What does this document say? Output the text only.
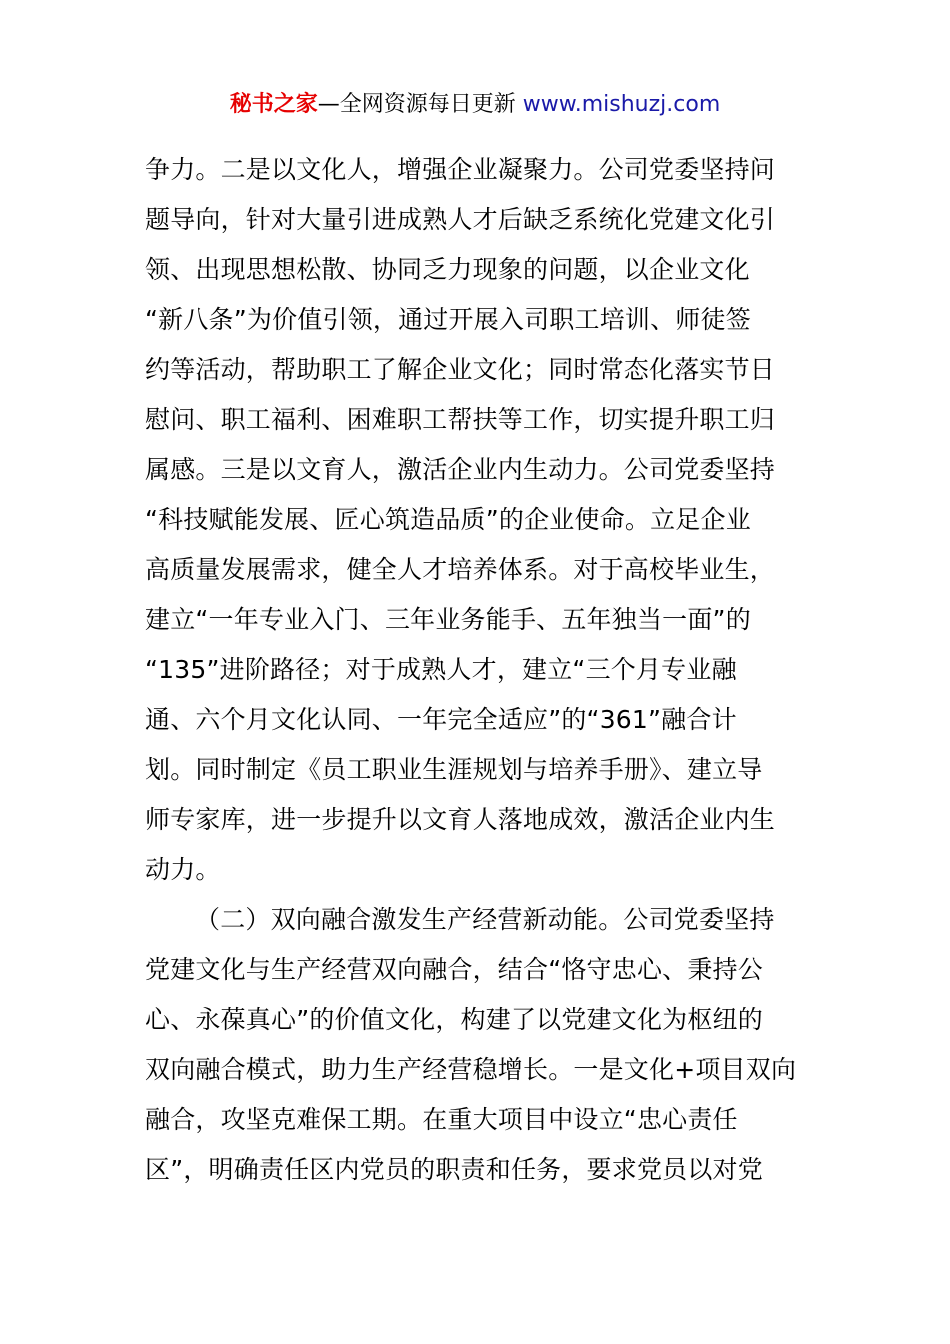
秘书之家—全网资源每日更新 www.mishuzj.com
争力。二是以文化人，增强企业凝聚力。公司党委坚持问
题导向，针对大量引进成熟人才后缺乏系统化党建文化引
领、出现思想松散、协同乏力现象的问题，以企业文化
“新八条”为价值引领，通过开展入司职工培训、师徒签
约等活动，帮助职工了解企业文化；同时常态化落实节日
慰问、职工福利、困难职工帮扶等工作，切实提升职工归
属感。三是以文育人，激活企业内生动力。公司党委坚持
“科技赋能发展、匠心筑造品质”的企业使命。立足企业
高质量发展需求，健全人才培养体系。对于高校毕业生，
建立“一年专业入门、三年业务能手、五年独当一面”的
“135”进阶路径；对于成熟人才，建立“三个月专业融
通、六个月文化认同、一年完全适应”的“361”融合计
划。同时制定《员工职业生涯规划与培养手册》、建立导
师专家库，进一步提升以文育人落地成效，激活企业内生
动力。
（二）双向融合激发生产经营新动能。公司党委坚持
党建文化与生产经营双向融合，结合“恪守忠心、秉持公
心、永葆真心”的价值文化，构建了以党建文化为枢纽的
双向融合模式，助力生产经营稳增长。一是文化+项目双向
融合，攻坚克难保工期。在重大项目中设立“忠心责任
区”，明确责任区内党员的职责和任务，要求党员以对党
